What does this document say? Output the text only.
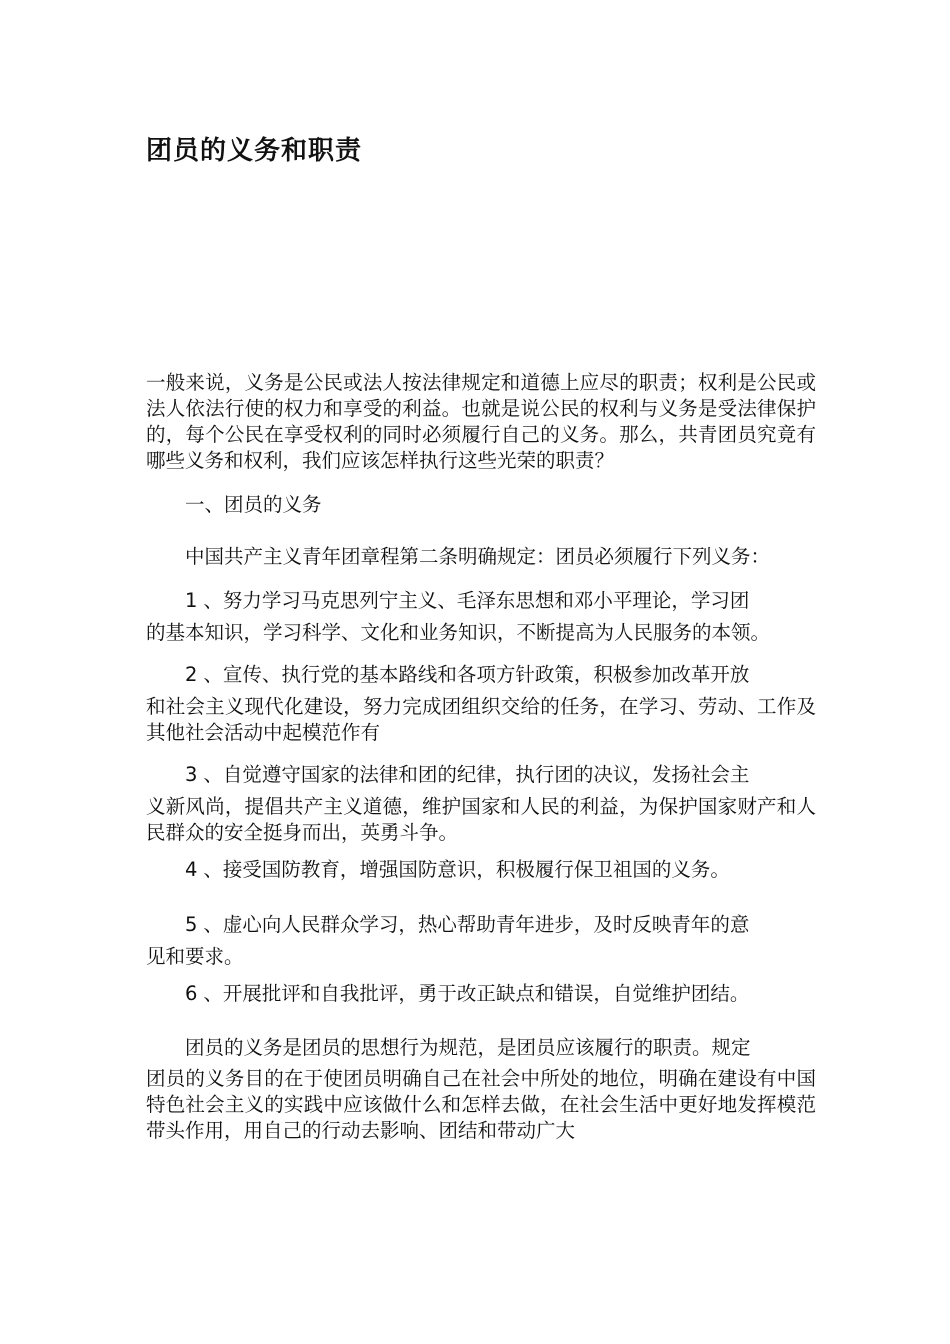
团员的义务和职责

一般来说，义务是公民或法人按法律规定和道德上应尽的职责；权利是公民或法人依法行使的权力和享受的利益。也就是说公民的权利与义务是受法律保护的，每个公民在享受权利的同时必须履行自己的义务。那么，共青团员究竟有哪些义务和权利，我们应该怎样执行这些光荣的职责？

一、团员的义务

中国共产主义青年团章程第二条明确规定：团员必须履行下列义务：

1 、努力学习马克思列宁主义、毛泽东思想和邓小平理论，学习团
的基本知识，学习科学、文化和业务知识，不断提高为人民服务的本领。

2 、宣传、执行党的基本路线和各项方针政策，积极参加改革开放
和社会主义现代化建设，努力完成团组织交给的任务，在学习、劳动、工作及其他社会活动中起模范作有

3 、自觉遵守国家的法律和团的纪律，执行团的决议，发扬社会主
义新风尚，提倡共产主义道德，维护国家和人民的利益，为保护国家财产和人民群众的安全挺身而出，英勇斗争。

4 、接受国防教育，增强国防意识，积极履行保卫祖国的义务。

5 、虚心向人民群众学习，热心帮助青年进步，及时反映青年的意
见和要求。

6 、开展批评和自我批评，勇于改正缺点和错误，自觉维护团结。

团员的义务是团员的思想行为规范，是团员应该履行的职责。规定
团员的义务目的在于使团员明确自己在社会中所处的地位，明确在建设有中国特色社会主义的实践中应该做什么和怎样去做，在社会生活中更好地发挥模范带头作用，用自己的行动去影响、团结和带动广大
